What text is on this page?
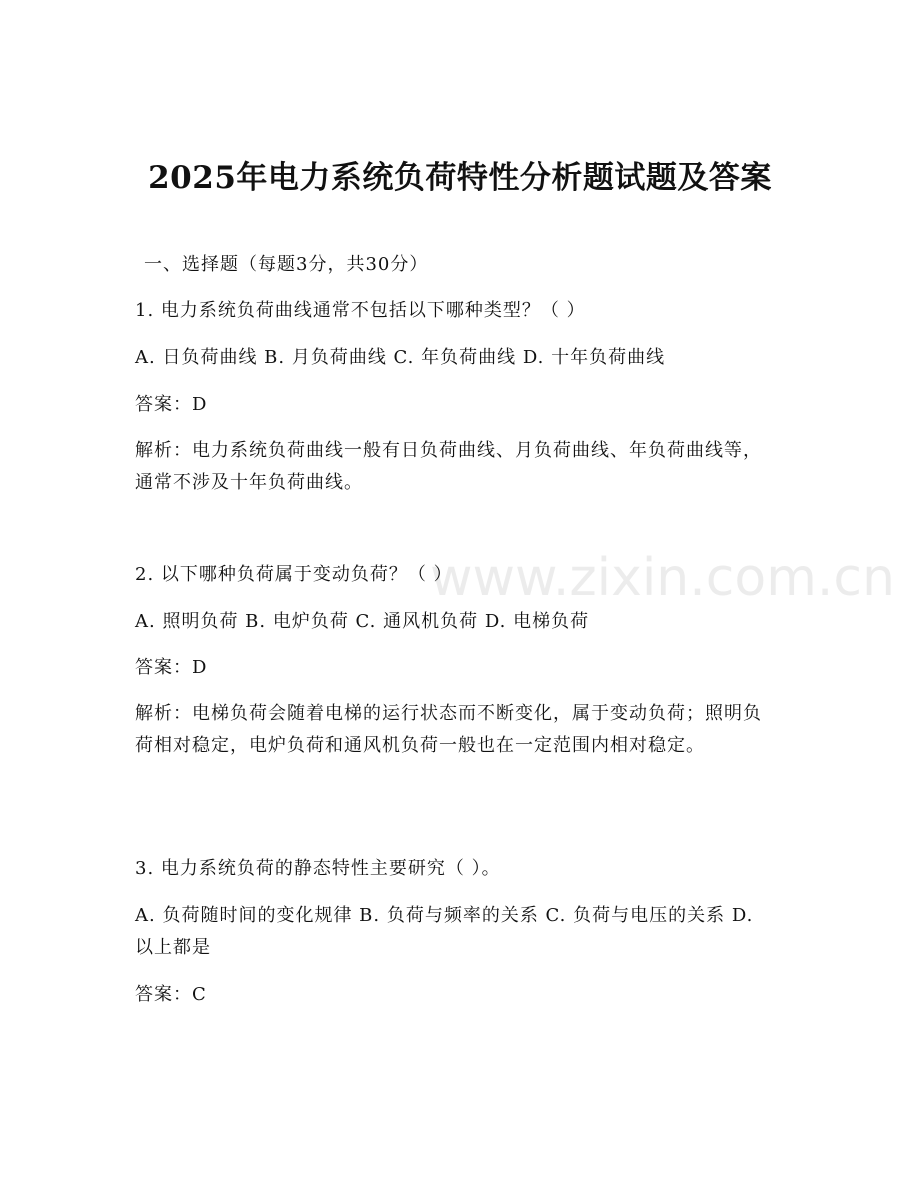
www.zixin.com.cn
2025年电力系统负荷特性分析题试题及答案
一、选择题（每题3分，共30分）
1. 电力系统负荷曲线通常不包括以下哪种类型？（ ）
A. 日负荷曲线 B. 月负荷曲线 C. 年负荷曲线 D. 十年负荷曲线
答案：D
解析：电力系统负荷曲线一般有日负荷曲线、月负荷曲线、年负荷曲线等，通常不涉及十年负荷曲线。
2. 以下哪种负荷属于变动负荷？（ ）
A. 照明负荷 B. 电炉负荷 C. 通风机负荷 D. 电梯负荷
答案：D
解析：电梯负荷会随着电梯的运行状态而不断变化，属于变动负荷；照明负荷相对稳定，电炉负荷和通风机负荷一般也在一定范围内相对稳定。
3. 电力系统负荷的静态特性主要研究（ ）。
A. 负荷随时间的变化规律 B. 负荷与频率的关系 C. 负荷与电压的关系 D. 以上都是
答案：C
